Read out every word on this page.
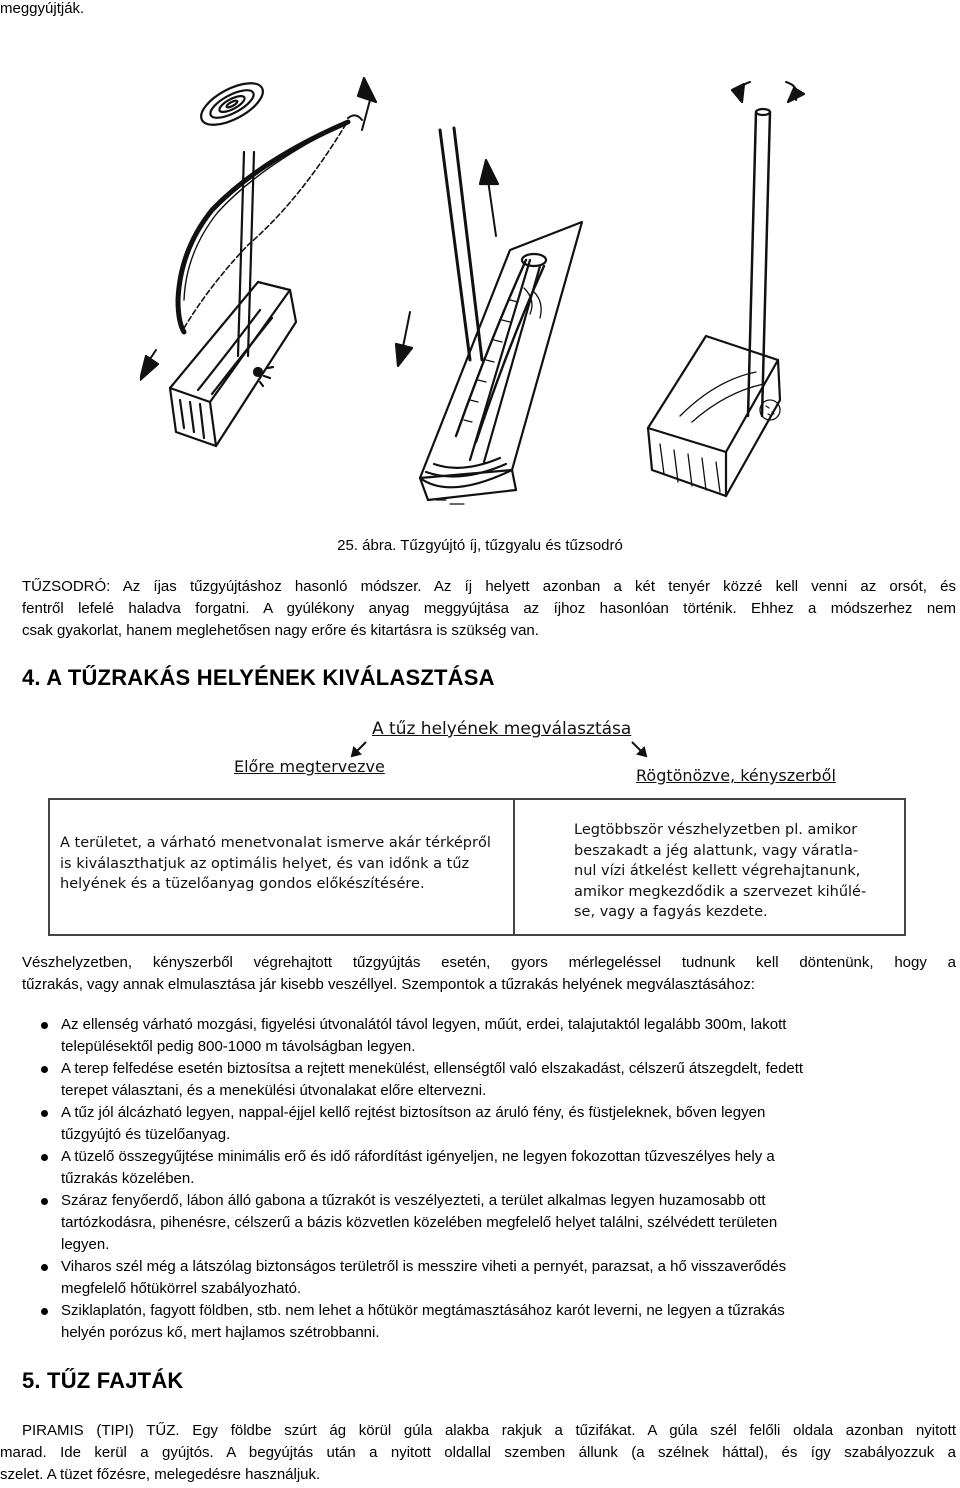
meggyújtják.
25. ábra. Tűzgyújtó íj, tűzgyalu és tűzsodró
TŰZSODRÓ: Az íjas tűzgyújtáshoz hasonló módszer. Az íj helyett azonban a két tenyér közzé kell venni az orsót, és
fentről lefelé haladva forgatni. A gyúlékony anyag meggyújtása az íjhoz hasonlóan történik. Ehhez a módszerhez nem
csak gyakorlat, hanem meglehetősen nagy erőre és kitartásra is szükség van.
4. A TŰZRAKÁS HELYÉNEK KIVÁLASZTÁSA
A tűz helyének megválasztása
Előre megtervezve	Rögtönözve, kényszerből
A területet, a várható menetvonalat ismerve akár térképről
is kiválaszthatjuk az optimális helyet, és van időnk a tűz
helyének és a tüzelőanyag gondos előkészítésére.
Legtöbbször vészhelyzetben pl. amikor
beszakadt a jég alattunk, vagy váratla-
nul vízi átkelést kellett végrehajtanunk,
amikor megkezdődik a szervezet kihűlé-
se, vagy a fagyás kezdete.
Vészhelyzetben, kényszerből végrehajtott tűzgyújtás esetén, gyors mérlegeléssel tudnunk kell döntenünk, hogy a
tűzrakás, vagy annak elmulasztása jár kisebb veszéllyel. Szempontok a tűzrakás helyének megválasztásához:
Az ellenség várható mozgási, figyelési útvonalától távol legyen, műút, erdei, talajutaktól legalább 300m, lakott
településektől pedig 800-1000 m távolságban legyen.
A terep felfedése esetén biztosítsa a rejtett menekülést, ellenségtől való elszakadást, célszerű átszegdelt, fedett
terepet választani, és a menekülési útvonalakat előre eltervezni.
A tűz jól álcázható legyen, nappal-éjjel kellő rejtést biztosítson az áruló fény, és füstjeleknek, bőven legyen
tűzgyújtó és tüzelőanyag.
A tüzelő összegyűjtése minimális erő és idő ráfordítást igényeljen, ne legyen fokozottan tűzveszélyes hely a
tűzrakás közelében.
Száraz fenyőerdő, lábon álló gabona a tűzrakót is veszélyezteti, a terület alkalmas legyen huzamosabb ott
tartózkodásra, pihenésre, célszerű a bázis közvetlen közelében megfelelő helyet találni, szélvédett területen
legyen.
Viharos szél még a látszólag biztonságos területről is messzire viheti a pernyét, parazsat, a hő visszaverődés
megfelelő hőtükörrel szabályozható.
Sziklaplatón, fagyott földben, stb. nem lehet a hőtükör megtámasztásához karót leverni, ne legyen a tűzrakás
helyén porózus kő, mert hajlamos szétrobbanni.
5. TŰZ FAJTÁK
PIRAMIS (TIPI) TŰZ. Egy földbe szúrt ág körül gúla alakba rakjuk a tűzifákat. A gúla szél felőli oldala azonban nyitott
marad. Ide kerül a gyújtós. A begyújtás után a nyitott oldallal szemben állunk (a szélnek háttal), és így szabályozzuk a
szelet. A tüzet főzésre, melegedésre használjuk.
